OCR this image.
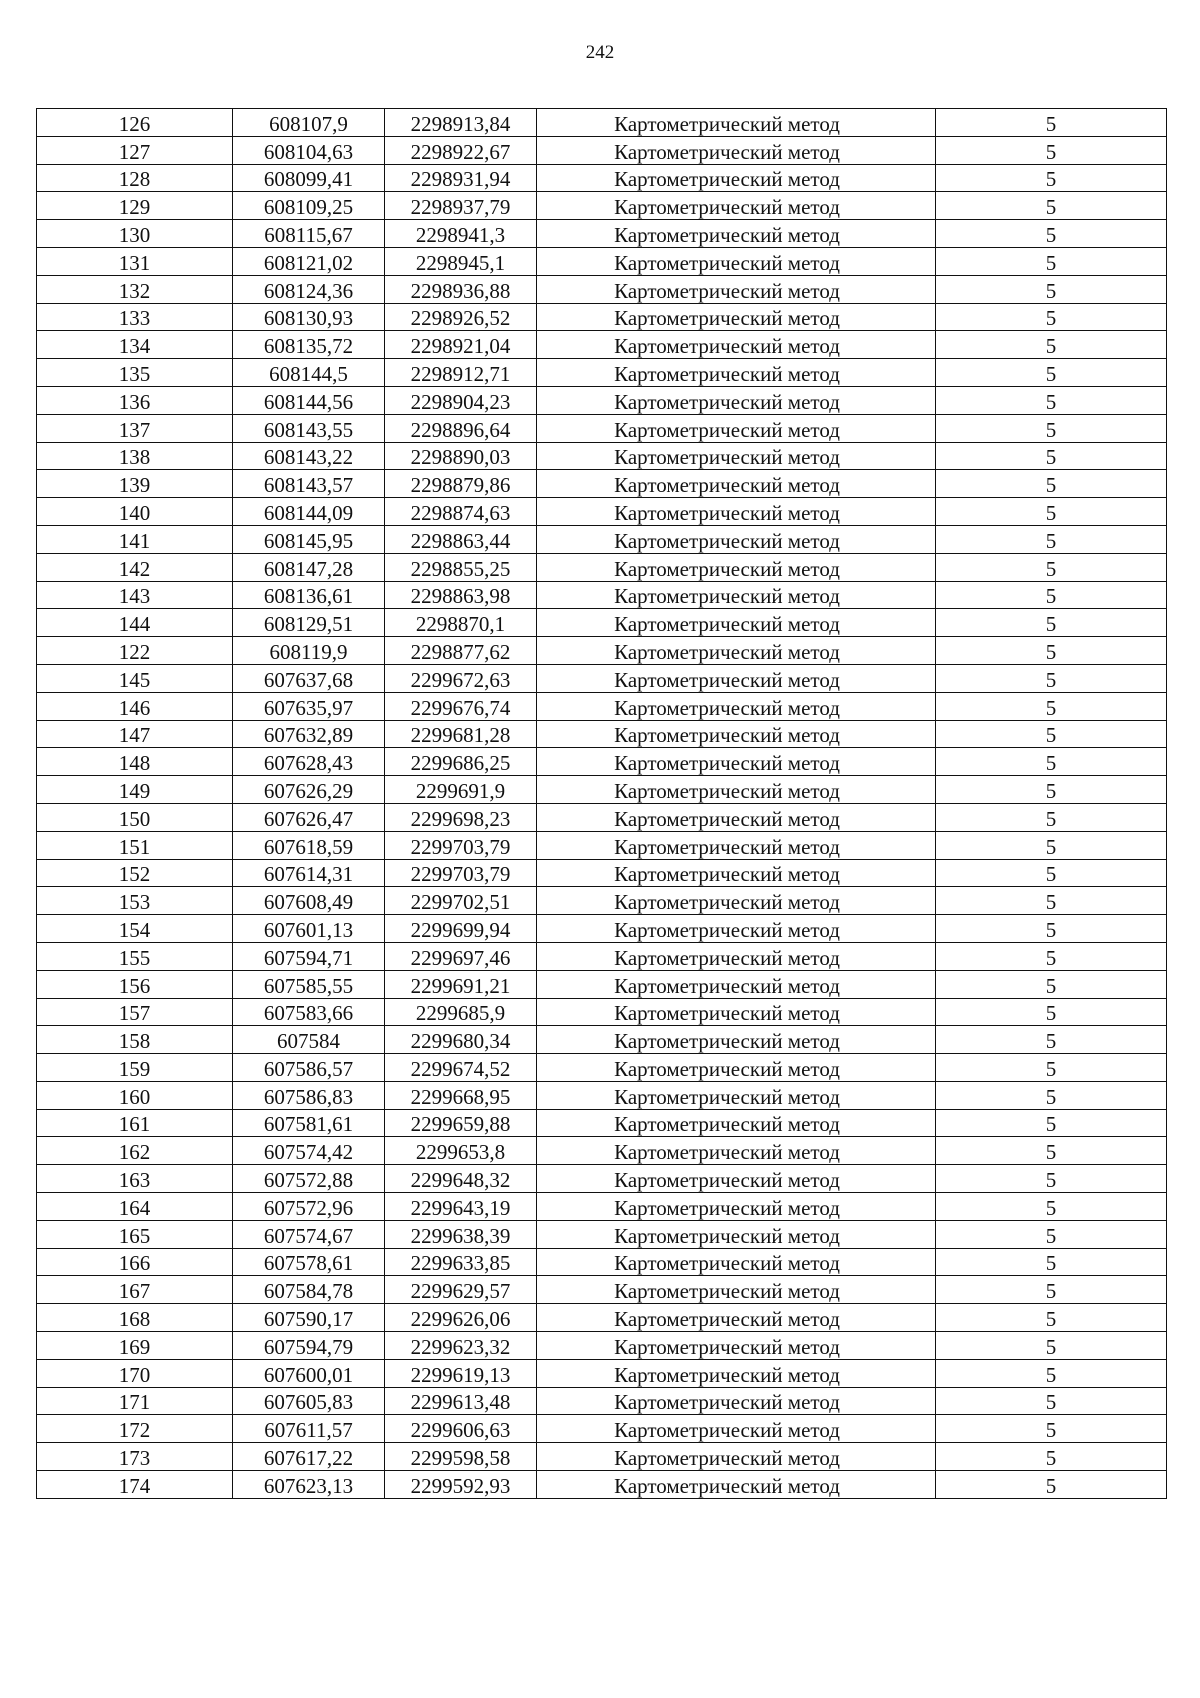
242
126	608107,9	2298913,84	Картометрический метод	5
127	608104,63	2298922,67	Картометрический метод	5
128	608099,41	2298931,94	Картометрический метод	5
129	608109,25	2298937,79	Картометрический метод	5
130	608115,67	2298941,3	Картометрический метод	5
131	608121,02	2298945,1	Картометрический метод	5
132	608124,36	2298936,88	Картометрический метод	5
133	608130,93	2298926,52	Картометрический метод	5
134	608135,72	2298921,04	Картометрический метод	5
135	608144,5	2298912,71	Картометрический метод	5
136	608144,56	2298904,23	Картометрический метод	5
137	608143,55	2298896,64	Картометрический метод	5
138	608143,22	2298890,03	Картометрический метод	5
139	608143,57	2298879,86	Картометрический метод	5
140	608144,09	2298874,63	Картометрический метод	5
141	608145,95	2298863,44	Картометрический метод	5
142	608147,28	2298855,25	Картометрический метод	5
143	608136,61	2298863,98	Картометрический метод	5
144	608129,51	2298870,1	Картометрический метод	5
122	608119,9	2298877,62	Картометрический метод	5
145	607637,68	2299672,63	Картометрический метод	5
146	607635,97	2299676,74	Картометрический метод	5
147	607632,89	2299681,28	Картометрический метод	5
148	607628,43	2299686,25	Картометрический метод	5
149	607626,29	2299691,9	Картометрический метод	5
150	607626,47	2299698,23	Картометрический метод	5
151	607618,59	2299703,79	Картометрический метод	5
152	607614,31	2299703,79	Картометрический метод	5
153	607608,49	2299702,51	Картометрический метод	5
154	607601,13	2299699,94	Картометрический метод	5
155	607594,71	2299697,46	Картометрический метод	5
156	607585,55	2299691,21	Картометрический метод	5
157	607583,66	2299685,9	Картометрический метод	5
158	607584	2299680,34	Картометрический метод	5
159	607586,57	2299674,52	Картометрический метод	5
160	607586,83	2299668,95	Картометрический метод	5
161	607581,61	2299659,88	Картометрический метод	5
162	607574,42	2299653,8	Картометрический метод	5
163	607572,88	2299648,32	Картометрический метод	5
164	607572,96	2299643,19	Картометрический метод	5
165	607574,67	2299638,39	Картометрический метод	5
166	607578,61	2299633,85	Картометрический метод	5
167	607584,78	2299629,57	Картометрический метод	5
168	607590,17	2299626,06	Картометрический метод	5
169	607594,79	2299623,32	Картометрический метод	5
170	607600,01	2299619,13	Картометрический метод	5
171	607605,83	2299613,48	Картометрический метод	5
172	607611,57	2299606,63	Картометрический метод	5
173	607617,22	2299598,58	Картометрический метод	5
174	607623,13	2299592,93	Картометрический метод	5
